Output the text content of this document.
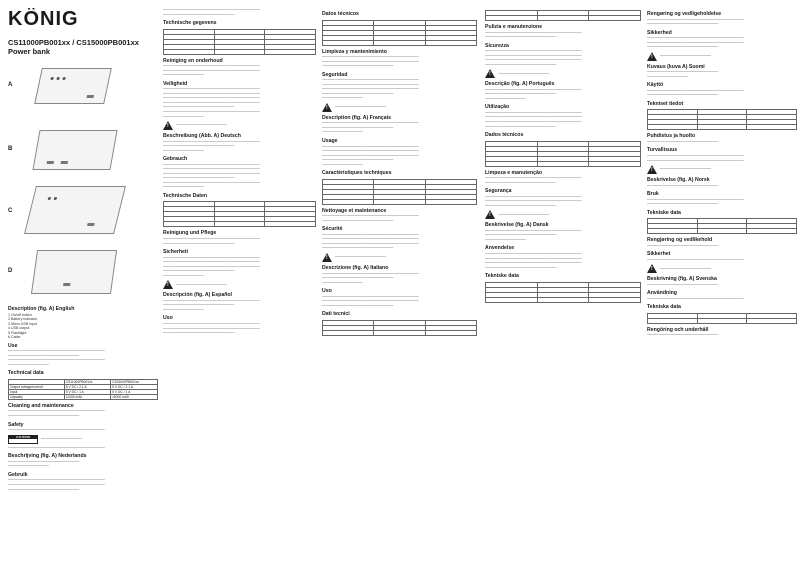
KÖNIG
CS11000PB001xx / CS15000PB001xx
Power bank
A
B
C
D
Description (fig. A) English
1 On/off button
2 Battery indicator
3 Micro USB input
4 USB output
5 Flashlight
6 Cable
Use
──────────────────────────────────────
────────────────────────────
──────────────────────────────────────
────────────────
Technical data
	CS11000PB001xx	CS15000PB001xx
Output voltage/current	5 V DC / 2.1 A	5 V DC / 2.1 A
Input	5 V DC / 1 A	5 V DC / 1 A
Capacity	11000 mAh	15000 mAh
Cleaning and maintenance
──────────────────────────────────────
────────────────────────────
Safety
──────────────────────────────────────
CAUTION

────────────────
──────────────────────────────────────
Beschrijving (fig. A) Nederlands
────────────────────────────
────────────────
Gebruik
──────────────────────────────────────
──────────────────────────────────────
────────────────────────────
──────────────────────────────────────
────────────────────────────
Technische gegevens

Reiniging en onderhoud
──────────────────────────────────────
──────────────────────────────────────
────────────────
Veiligheid
──────────────────────────────────────
──────────────────────────────────────
──────────────────────────────────────
──────────────────────────────────────
────────────────────────────
──────────────────────────────────────
────────────────
! ────────────────────
Beschreibung (Abb. A) Deutsch
──────────────────────────────────────
────────────────────────────
────────────────
Gebrauch
──────────────────────────────────────
──────────────────────────────────────
──────────────────────────────────────
────────────────────────────
──────────────────────────────────────
────────────────
Technische Daten

Reinigung und Pflege
──────────────────────────────────────
────────────────────────────
Sicherheit
──────────────────────────────────────
──────────────────────────────────────
──────────────────────────────────────
────────────────────────────
────────────────
! ────────────────────
Descripción (fig. A) Español
──────────────────────────────────────
────────────────────────────
────────────────
Uso
──────────────────────────────────────
──────────────────────────────────────
────────────────────────────
Datos técnicos

Limpieza y mantenimiento
──────────────────────────────────────
──────────────────────────────────────
────────────────────────────
Seguridad
──────────────────────────────────────
──────────────────────────────────────
──────────────────────────────────────
────────────────────────────
────────────────
! ────────────────────
Description (fig. A) Français
──────────────────────────────────────
────────────────────────────
────────────────
Usage
──────────────────────────────────────
──────────────────────────────────────
──────────────────────────────────────
────────────────────────────
────────────────
Caractéristiques techniques

Nettoyage et maintenance
──────────────────────────────────────
────────────────────────────
Sécurité
──────────────────────────────────────
──────────────────────────────────────
──────────────────────────────────────
────────────────────────────
! ────────────────────
Descrizione (fig. A) Italiano
──────────────────────────────────────
────────────────────────────
────────────────
Uso
──────────────────────────────────────
──────────────────────────────────────
────────────────────────────
Dati tecnici

Pulizia e manutenzione
──────────────────────────────────────
────────────────────────────
Sicurezza
──────────────────────────────────────
──────────────────────────────────────
──────────────────────────────────────
────────────────────────────
! ────────────────────
Descrição (fig. A) Português
──────────────────────────────────────
────────────────────────────
────────────────
Utilização
──────────────────────────────────────
──────────────────────────────────────
──────────────────────────────────────
────────────────────────────
Dados técnicos

Limpeza e manutenção
──────────────────────────────────────
────────────────────────────
Segurança
──────────────────────────────────────
──────────────────────────────────────
────────────────────────────
! ────────────────────
Beskrivelse (fig. A) Dansk
──────────────────────────────────────
────────────────────────────
────────────────
Anvendelse
──────────────────────────────────────
──────────────────────────────────────
──────────────────────────────────────
────────────────────────────
Tekniske data

Rengøring og vedligeholdelse
──────────────────────────────────────
────────────────────────────
Sikkerhed
──────────────────────────────────────
──────────────────────────────────────
────────────────────────────
! ────────────────────
Kuvaus (kuva A) Suomi
────────────────────────────
────────────────
Käyttö
──────────────────────────────────────
────────────────────────────
Tekniset tiedot

Puhdistus ja huolto
────────────────────────────
Turvallisuus
──────────────────────────────────────
──────────────────────────────────────
! ────────────────────
Beskrivelse (fig. A) Norsk
────────────────────────────
Bruk
──────────────────────────────────────
────────────────────────────
Tekniske data

Rengjøring og vedlikehold
────────────────────────────
Sikkerhet
──────────────────────────────────────
! ────────────────────
Beskrivning (fig. A) Svenska
────────────────────────────
Användning
──────────────────────────────────────
Tekniska data

Rengöring och underhåll
────────────────────────────
